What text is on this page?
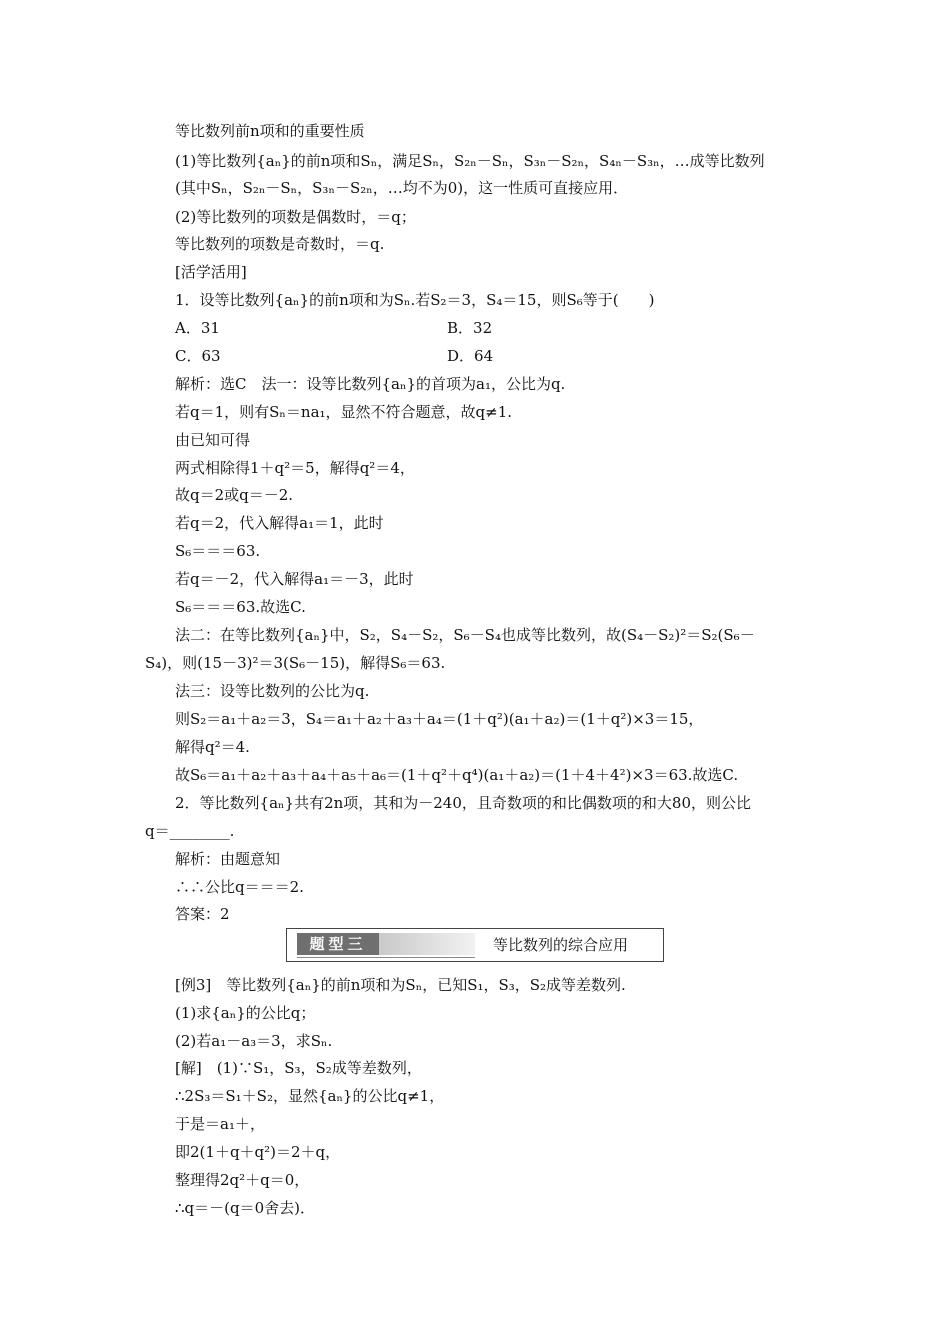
等比数列前n项和的重要性质
(1)等比数列{aₙ}的前n项和Sₙ，满足Sₙ，S₂ₙ－Sₙ，S₃ₙ－S₂ₙ，S₄ₙ－S₃ₙ，…成等比数列
(其中Sₙ，S₂ₙ－Sₙ，S₃ₙ－S₂ₙ，…均不为0)，这一性质可直接应用．
(2)等比数列的项数是偶数时，＝q；
等比数列的项数是奇数时，＝q.
[活学活用]
1．设等比数列{aₙ}的前n项和为Sₙ.若S₂＝3，S₄＝15，则S₆等于(　　)
A．31	B．32
C．63	D．64
解析：选C　法一：设等比数列{aₙ}的首项为a₁，公比为q.
若q＝1，则有Sₙ＝na₁，显然不符合题意，故q≠1.
由已知可得
两式相除得1＋q²＝5，解得q²＝4，
故q＝2或q＝－2.
若q＝2，代入解得a₁＝1，此时
S₆＝＝＝63.
若q＝－2，代入解得a₁＝－3，此时
S₆＝＝＝63.故选C.
法二：在等比数列{aₙ}中，S₂，S₄－S₂，S₆－S₄也成等比数列，故(S₄－S₂)²＝S₂(S₆－
S₄)，则(15－3)²＝3(S₆－15)，解得S₆＝63.
法三：设等比数列的公比为q.
则S₂＝a₁＋a₂＝3，S₄＝a₁＋a₂＋a₃＋a₄＝(1＋q²)(a₁＋a₂)＝(1＋q²)×3＝15，
解得q²＝4.
故S₆＝a₁＋a₂＋a₃＋a₄＋a₅＋a₆＝(1＋q²＋q⁴)(a₁＋a₂)＝(1＋4＋4²)×3＝63.故选C.
2．等比数列{aₙ}共有2n项，其和为－240，且奇数项的和比偶数项的和大80，则公比
q＝________.
解析：由题意知
∴∴公比q＝＝＝2.
答案：2
[例3]　等比数列{aₙ}的前n项和为Sₙ，已知S₁，S₃，S₂成等差数列.
(1)求{aₙ}的公比q；
(2)若a₁－a₃＝3，求Sₙ.
[解]　(1)∵S₁，S₃，S₂成等差数列，
∴2S₃＝S₁＋S₂，显然{aₙ}的公比q≠1，
于是＝a₁＋，
即2(1＋q＋q²)＝2＋q，
整理得2q²＋q＝0，
∴q＝－(q＝0舍去)．
题型三	等比数列的综合应用
